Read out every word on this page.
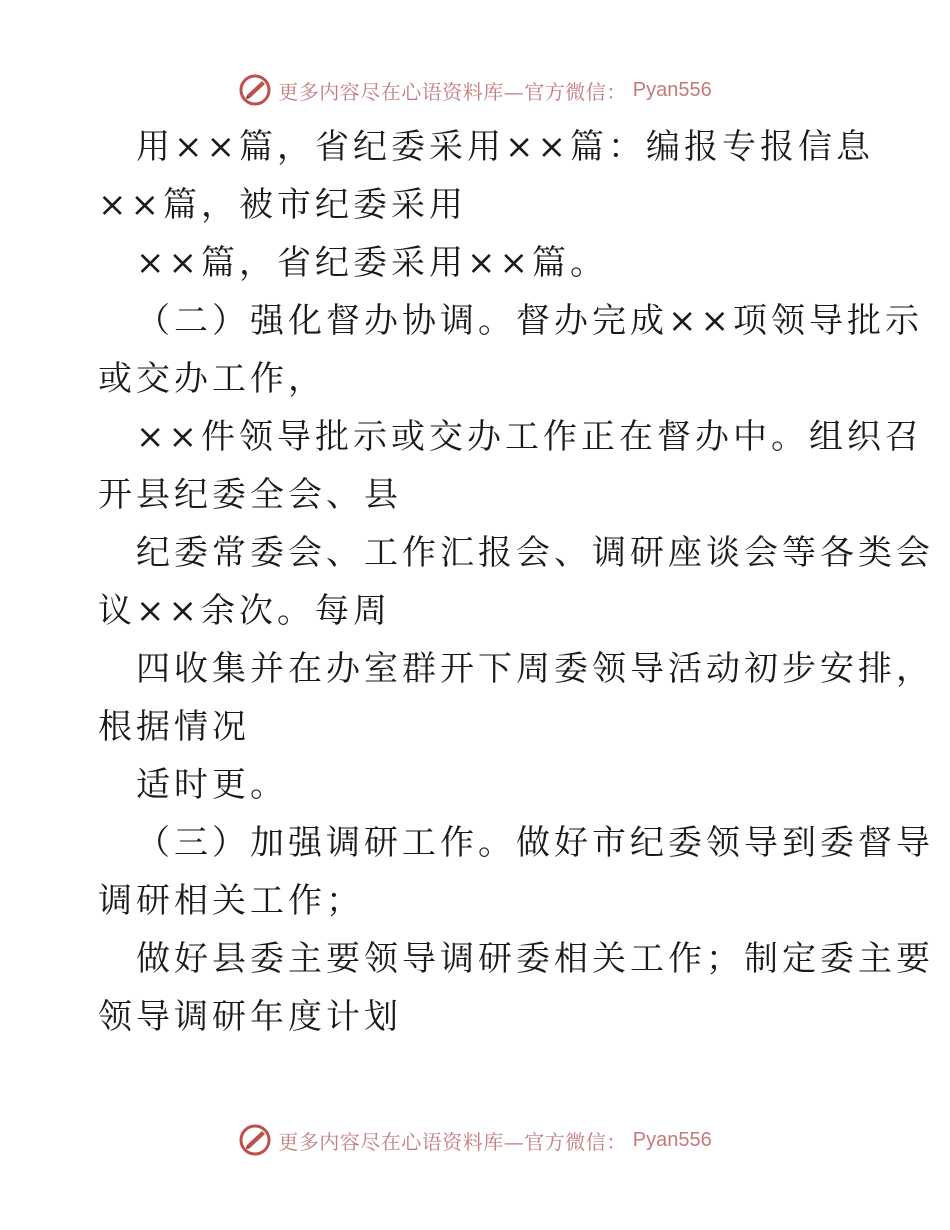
更多内容尽在心语资料库—官方微信： Pyan556
用××篇，省纪委采用××篇：编报专报信息
××篇，被市纪委采用
××篇，省纪委采用××篇。
（二）强化督办协调。督办完成××项领导批示
或交办工作，
××件领导批示或交办工作正在督办中。组织召
开县纪委全会、县
纪委常委会、工作汇报会、调研座谈会等各类会
议××余次。每周
四收集并在办室群开下周委领导活动初步安排，
根据情况
适时更。
（三）加强调研工作。做好市纪委领导到委督导
调研相关工作；
做好县委主要领导调研委相关工作；制定委主要
领导调研年度计划
更多内容尽在心语资料库—官方微信： Pyan556
